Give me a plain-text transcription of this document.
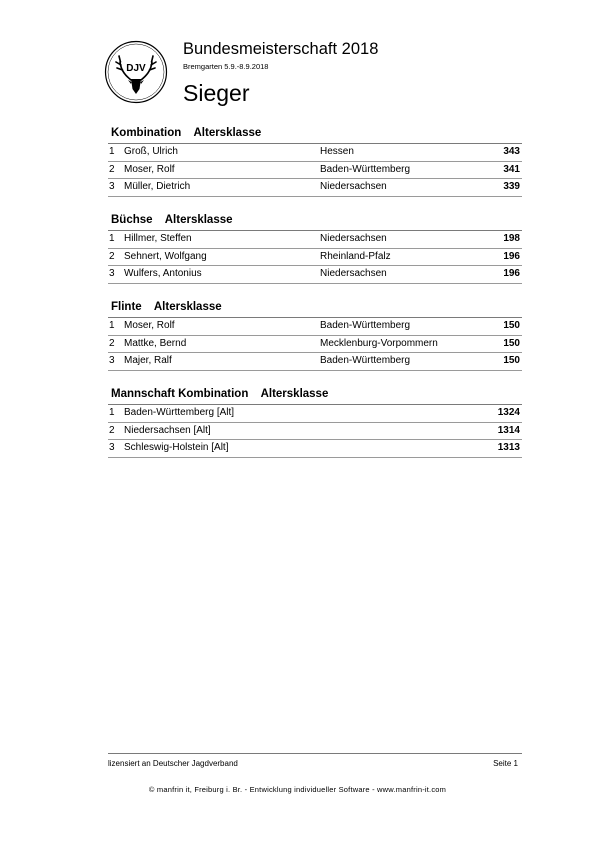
DJV
Bundesmeisterschaft 2018
Bremgarten 5.9.-8.9.2018
Sieger
Kombination Altersklasse
1 Groß, Ulrich	Hessen	343
2 Moser, Rolf	Baden-Württemberg	341
3 Müller, Dietrich	Niedersachsen	339
Büchse Altersklasse
1 Hillmer, Steffen	Niedersachsen	198
2 Sehnert, Wolfgang	Rheinland-Pfalz	196
3 Wulfers, Antonius	Niedersachsen	196
Flinte Altersklasse
1 Moser, Rolf	Baden-Württemberg	150
2 Mattke, Bernd	Mecklenburg-Vorpommern	150
3 Majer, Ralf	Baden-Württemberg	150
Mannschaft Kombination Altersklasse
1 Baden-Württemberg [Alt]	1324
2 Niedersachsen [Alt]	1314
3 Schleswig-Holstein [Alt]	1313
lizensiert an Deutscher Jagdverband	Seite 1
© manfrin it, Freiburg i. Br. - Entwicklung individueller Software - www.manfrin-it.com
